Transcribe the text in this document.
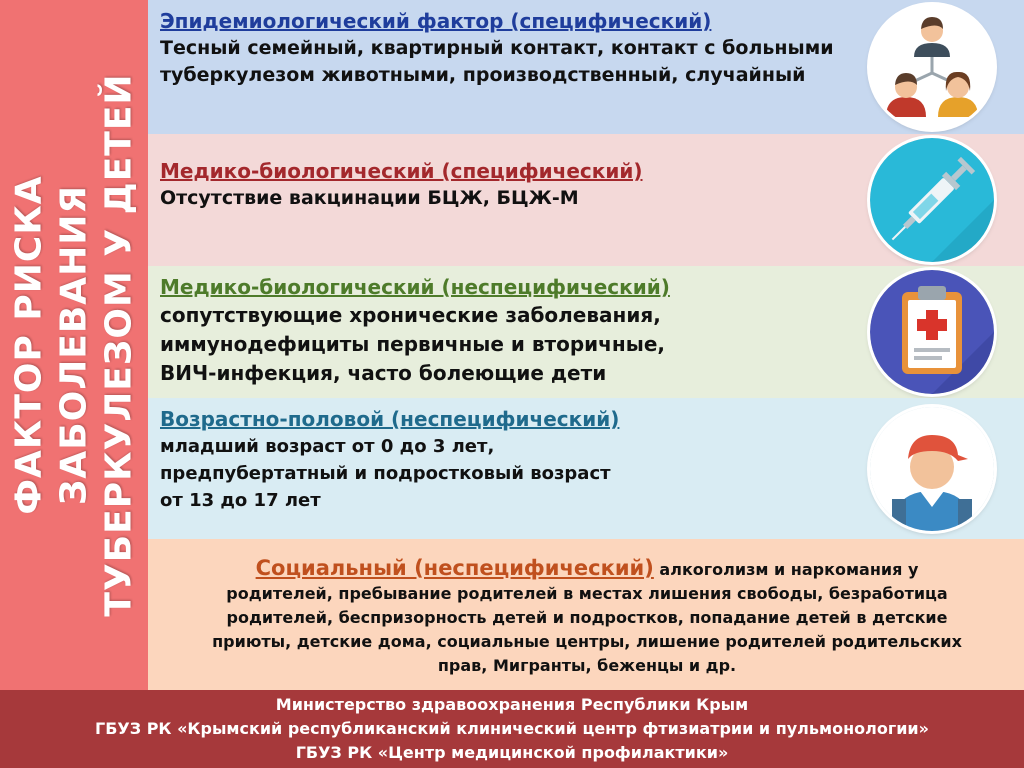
ФАКТОР РИСКА ЗАБОЛЕВАНИЯ ТУБЕРКУЛЕЗОМ У ДЕТЕЙ

Эпидемиологический фактор (специфический)

Тесный семейный, квартирный контакт, контакт с больными туберкулезом животными, производственный, случайный

Медико-биологический (специфический)

Отсутствие вакцинации БЦЖ, БЦЖ-М

Медико-биологический (неспецифический)

сопутствующие хронические заболевания,

иммунодефициты первичные и вторичные,

ВИЧ-инфекция, часто болеющие дети

Возрастно-половой (неспецифический)

младший возраст от 0 до 3 лет,

предпубертатный и подростковый возраст

от 13 до 17 лет

Социальный (неспецифический) алкоголизм и наркомания у
родителей, пребывание родителей в местах лишения свободы, безработица
родителей, беспризорность детей и подростков, попадание детей в детские
приюты, детские дома, социальные центры, лишение родителей родительских
прав, Мигранты, беженцы и др.
Министерство здравоохранения Республики Крым
ГБУЗ РК «Крымский республиканский клинический центр фтизиатрии и пульмонологии»
ГБУЗ РК «Центр медицинской профилактики»
